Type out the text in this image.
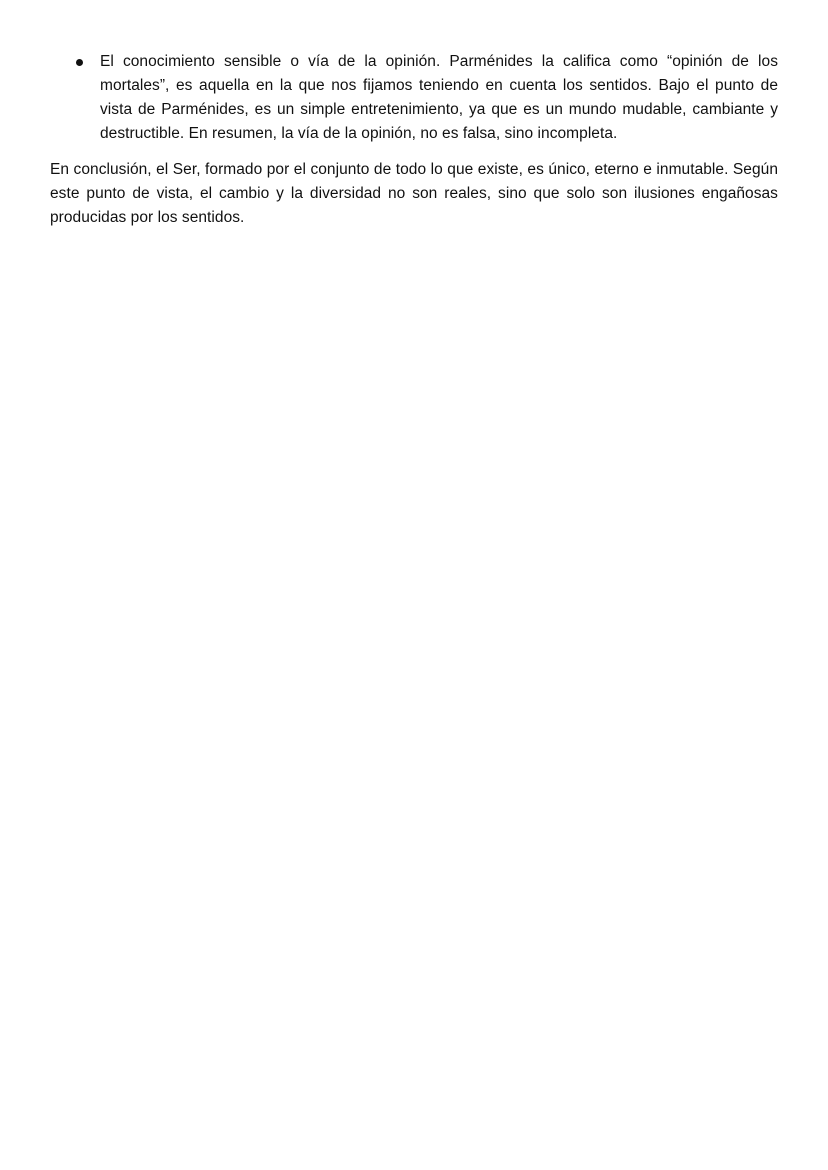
El conocimiento sensible o vía de la opinión. Parménides la califica como “opinión de los mortales”, es aquella en la que nos fijamos teniendo en cuenta los sentidos. Bajo el punto de vista de Parménides, es un simple entretenimiento, ya que es un mundo mudable, cambiante y destructible. En resumen, la vía de la opinión, no es falsa, sino incompleta.

En conclusión, el Ser, formado por el conjunto de todo lo que existe, es único, eterno e inmutable. Según este punto de vista, el cambio y la diversidad no son reales, sino que solo son ilusiones engañosas producidas por los sentidos.
